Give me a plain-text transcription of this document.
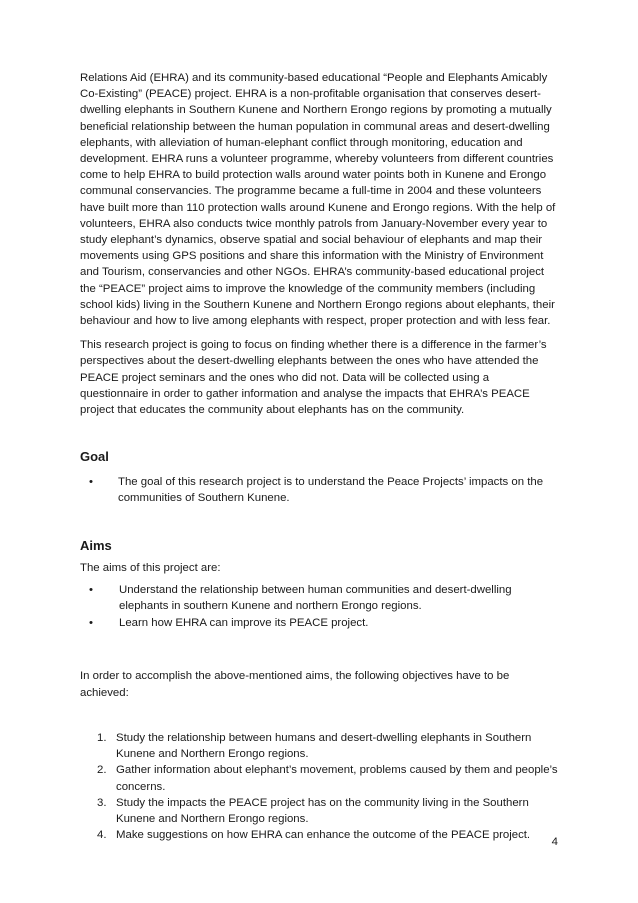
Relations Aid (EHRA) and its community-based educational “People and Elephants Amicably Co-Existing” (PEACE) project. EHRA is a non-profitable organisation that conserves desert-dwelling elephants in Southern Kunene and Northern Erongo regions by promoting a mutually beneficial relationship between the human population in communal areas and desert-dwelling elephants, with alleviation of human-elephant conflict through monitoring, education and development. EHRA runs a volunteer programme, whereby volunteers from different countries come to help EHRA to build protection walls around water points both in Kunene and Erongo communal conservancies. The programme became a full-time in 2004 and these volunteers have built more than 110 protection walls around Kunene and Erongo regions. With the help of volunteers, EHRA also conducts twice monthly patrols from January-November every year to study elephant’s dynamics, observe spatial and social behaviour of elephants and map their movements using GPS positions and share this information with the Ministry of Environment and Tourism, conservancies and other NGOs. EHRA’s community-based educational project the “PEACE” project aims to improve the knowledge of the community members (including school kids) living in the Southern Kunene and Northern Erongo regions about elephants, their behaviour and how to live among elephants with respect, proper protection and with less fear.

This research project is going to focus on finding whether there is a difference in the farmer’s perspectives about the desert-dwelling elephants between the ones who have attended the PEACE project seminars and the ones who did not. Data will be collected using a questionnaire in order to gather information and analyse the impacts that EHRA’s PEACE project that educates the community about elephants has on the community.

Goal
• The goal of this research project is to understand the Peace Projects’ impacts on the communities of Southern Kunene.
Aims

The aims of this project are:

• Understand the relationship between human communities and desert-dwelling elephants in southern Kunene and northern Erongo regions.
• Learn how EHRA can improve its PEACE project.

In order to accomplish the above-mentioned aims, the following objectives have to be achieved:

1. Study the relationship between humans and desert-dwelling elephants in Southern Kunene and Northern Erongo regions.
2. Gather information about elephant’s movement, problems caused by them and people’s concerns.
3. Study the impacts the PEACE project has on the community living in the Southern Kunene and Northern Erongo regions.
4. Make suggestions on how EHRA can enhance the outcome of the PEACE project.
4
